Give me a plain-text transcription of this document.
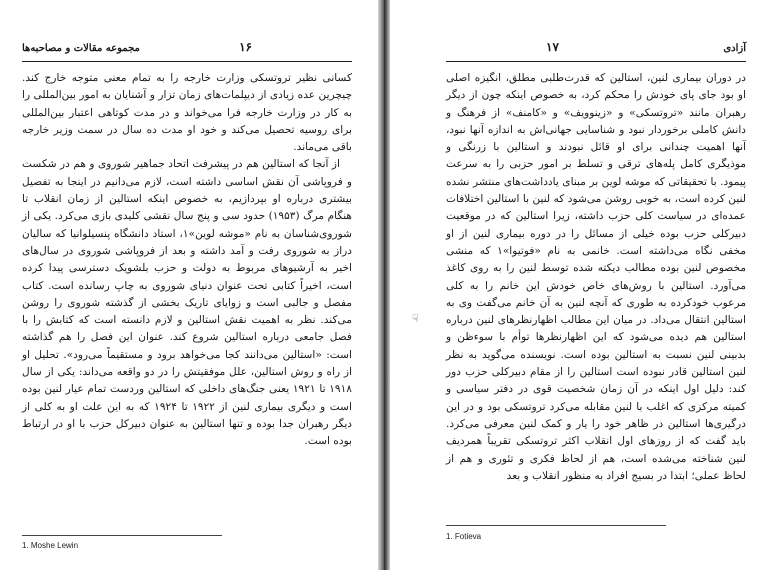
مجموعه مقالات و مصاحبه‌ها	۱۶

کسانی نظیر تروتسکی وزارت خارجه را به تمام معنی متوجه خارج کند. چیچرین عده زیادی از دیپلمات‌های زمان تزار و آشنایان به امور بین‌المللی را به کار در وزارت خارجه فرا می‌خواند و در مدت کوتاهی اعتبار بین‌المللی برای روسیه تحصیل می‌کند و خود او مدت ده سال در سمت وزیر خارجه باقی می‌ماند.

از آنجا که استالین هم در پیشرفت اتحاد جماهیر شوروی و هم در شکست و فروپاشی آن نقش اساسی داشته است، لازم می‌دانیم در اینجا به تفصیل بیشتری درباره او بپردازیم، به خصوص اینکه استالین از زمان انقلاب تا هنگام مرگ (۱۹۵۳) حدود سی و پنج سال نقشی کلیدی بازی می‌کرد. یکی از شوروی‌شناسان به نام «موشه لوین»۱، استاد دانشگاه پنسیلوانیا که سالیان دراز به شوروی رفت و آمد داشته و بعد از فروپاشی شوروی در سال‌های اخیر به آرشیوهای مربوط به دولت و حزب بلشویک دسترسی پیدا کرده است، اخیراً کتابی تحت عنوان دنیای شوروی به چاپ رسانده است. کتاب مفصل و جالبی است و زوایای تاریک بخشی از گذشته شوروی را روشن می‌کند. نظر به اهمیت نقش استالین و لازم دانسته است که کتابش را با فصل جامعی درباره استالین شروع کند. عنوان این فصل را هم گذاشته است: «استالین می‌دانند کجا می‌خواهد برود و مستقیماً می‌رود». تحلیل او از راه و روش استالین، علل موفقیتش را در دو واقعه می‌داند: یکی از سال ۱۹۱۸ تا ۱۹۲۱ یعنی جنگ‌های داخلی که استالین وردست تمام عیار لنین بوده است و دیگری بیماری لنین از ۱۹۲۲ تا ۱۹۲۴ که به این علت او به کلی از دیگر رهبران جدا بوده و تنها استالین به عنوان دبیرکل حزب با او در ارتباط بوده است.

1. Moshe Lewin
۱۷	آزادی

در دوران بیماری لنین، استالین که قدرت‌طلبی مطلق، انگیزه اصلی او بود جای پای خودش را محکم کرد، به خصوص اینکه چون از دیگر رهبران مانند «تروتسکی» و «زینوویف» و «کامنف» از فرهنگ و دانش کاملی برخوردار نبود و شناسایی جهانی‌اش به اندازه آنها نبود، آنها اهمیت چندانی برای او قائل نبودند و استالین با زرنگی و موذیگری کامل پله‌های ترقی و تسلط بر امور حزبی را به سرعت پیمود. با تحقیقاتی که موشه لوین بر مبنای یادداشت‌های منتشر نشده لنین کرده است، به خوبی روشن می‌شود که لنین با استالین اختلافات عمده‌ای در سیاست کلی حزب داشته، زیرا استالین که در موقعیت دبیرکلی حزب بوده خیلی از مسائل را در دوره بیماری لنین از او مخفی نگاه می‌داشته است. خانمی به نام «فوتیوا»۱ که منشی مخصوص لنین بوده مطالب دیکته شده توسط لنین را به روی کاغذ می‌آورد. استالین با روش‌های خاص خودش این خانم را به کلی مرعوب خودکرده به طوری که آنچه لنین به آن خانم می‌گفت وی به استالین انتقال می‌داد. در میان این مطالب اظهارنظرهای لنین درباره استالین هم دیده می‌شود که این اظهارنظرها توأم با سوءظن و بدبینی لنین نسبت به استالین بوده است. نویسنده می‌گوید به نظر لنین استالین قادر نبوده است استالین را از مقام دبیرکلی حزب دور کند: دلیل اول اینکه در آن زمان شخصیت قوی در دفتر سیاسی و کمیته مرکزی که اغلب با لنین مقابله می‌کرد تروتسکی بود و در این درگیری‌ها استالین در ظاهر خود را یار و کمک لنین معرفی می‌کرد. باید گفت که از روزهای اول انقلاب اکثر تروتسکی تقریباً همردیف لنین شناخته می‌شده است، هم از لحاظ فکری و تئوری و هم از لحاظ عملی؛ ابتدا در بسیج افراد به منظور انقلاب و بعد

1. Fotieva
☟
